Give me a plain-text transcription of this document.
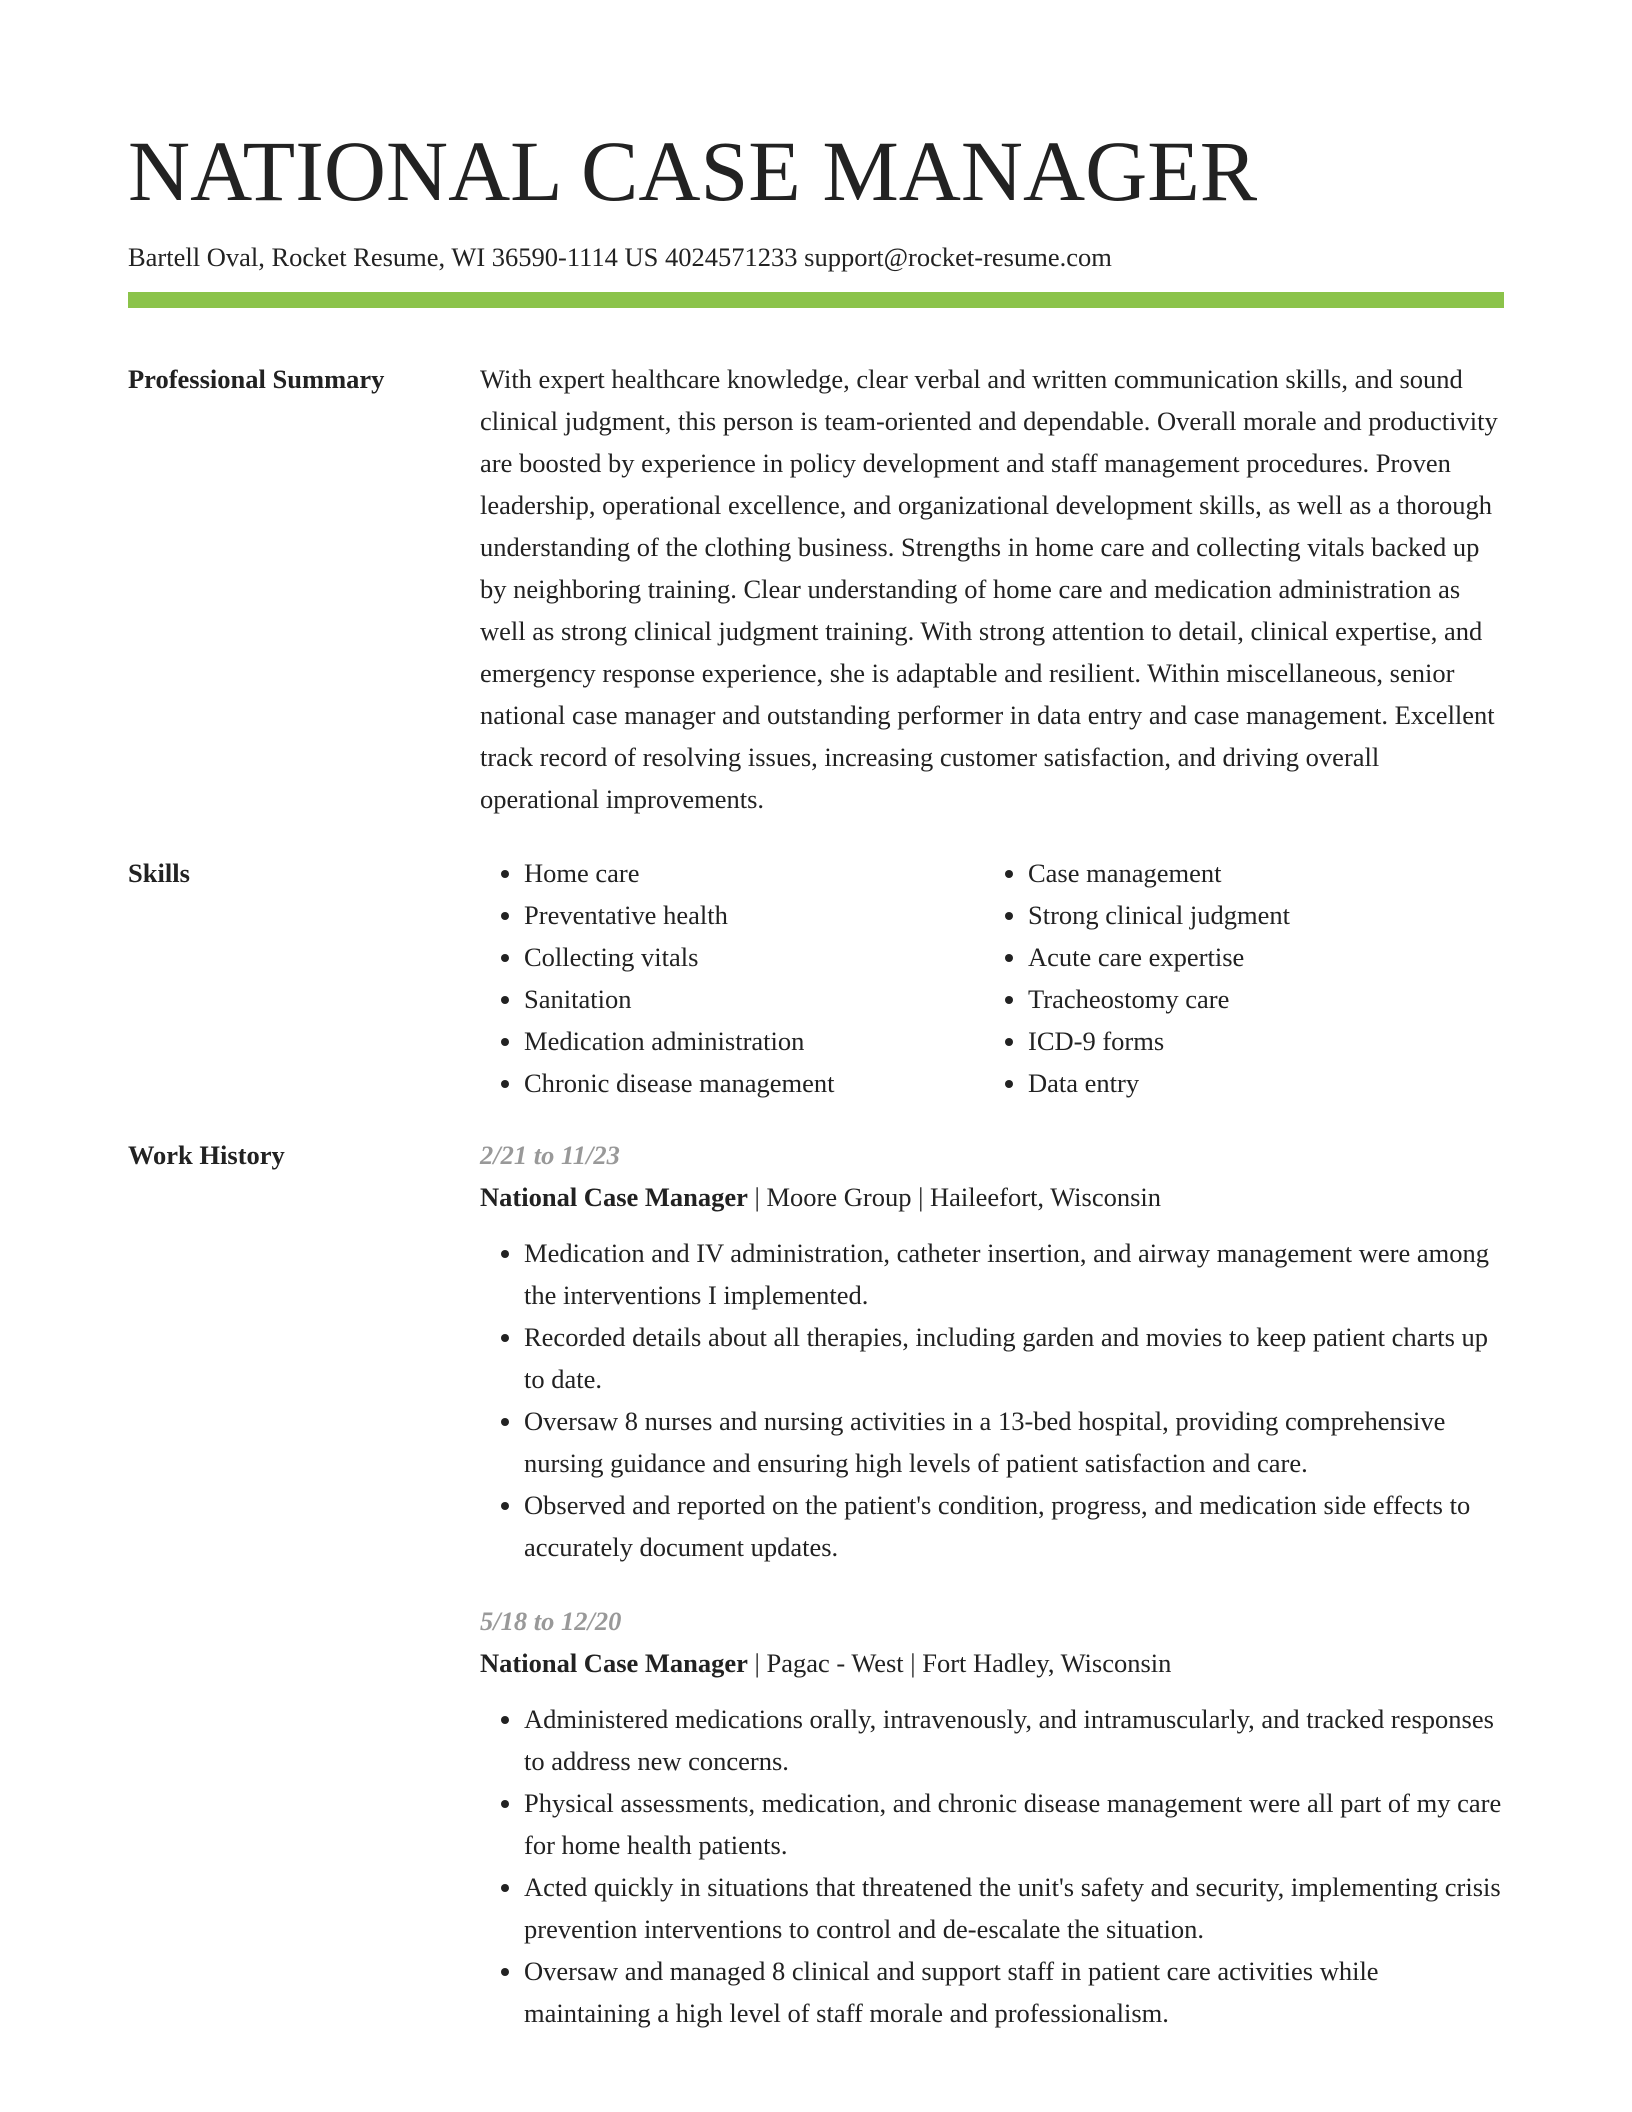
NATIONAL CASE MANAGER
Bartell Oval, Rocket Resume, WI 36590-1114 US 4024571233 support@rocket-resume.com
Professional Summary	With expert healthcare knowledge, clear verbal and written communication skills, and sound clinical judgment, this person is team-oriented and dependable. Overall morale and productivity are boosted by experience in policy development and staff management procedures. Proven leadership, operational excellence, and organizational development skills, as well as a thorough understanding of the clothing business. Strengths in home care and collecting vitals backed up by neighboring training. Clear understanding of home care and medication administration as well as strong clinical judgment training. With strong attention to detail, clinical expertise, and emergency response experience, she is adaptable and resilient. Within miscellaneous, senior national case manager and outstanding performer in data entry and case management. Excellent track record of resolving issues, increasing customer satisfaction, and driving overall operational improvements.
Skills
•	Home care
• Preventative health
• Collecting vitals
• Sanitation
• Medication administration
• Chronic disease management
• Case management
• Strong clinical judgment
• Acute care expertise
• Tracheostomy care
• ICD-9 forms
• Data entry
Work History	2/21 to 11/23
National Case Manager | Moore Group | Haileefort, Wisconsin
• Medication and IV administration, catheter insertion, and airway management were among the interventions I implemented.
• Recorded details about all therapies, including garden and movies to keep patient charts up to date.
• Oversaw 8 nurses and nursing activities in a 13-bed hospital, providing comprehensive nursing guidance and ensuring high levels of patient satisfaction and care.
• Observed and reported on the patient's condition, progress, and medication side effects to accurately document updates.
5/18 to 12/20
National Case Manager | Pagac - West | Fort Hadley, Wisconsin
• Administered medications orally, intravenously, and intramuscularly, and tracked responses to address new concerns.
• Physical assessments, medication, and chronic disease management were all part of my care for home health patients.
• Acted quickly in situations that threatened the unit's safety and security, implementing crisis prevention interventions to control and de-escalate the situation.
• Oversaw and managed 8 clinical and support staff in patient care activities while maintaining a high level of staff morale and professionalism.
